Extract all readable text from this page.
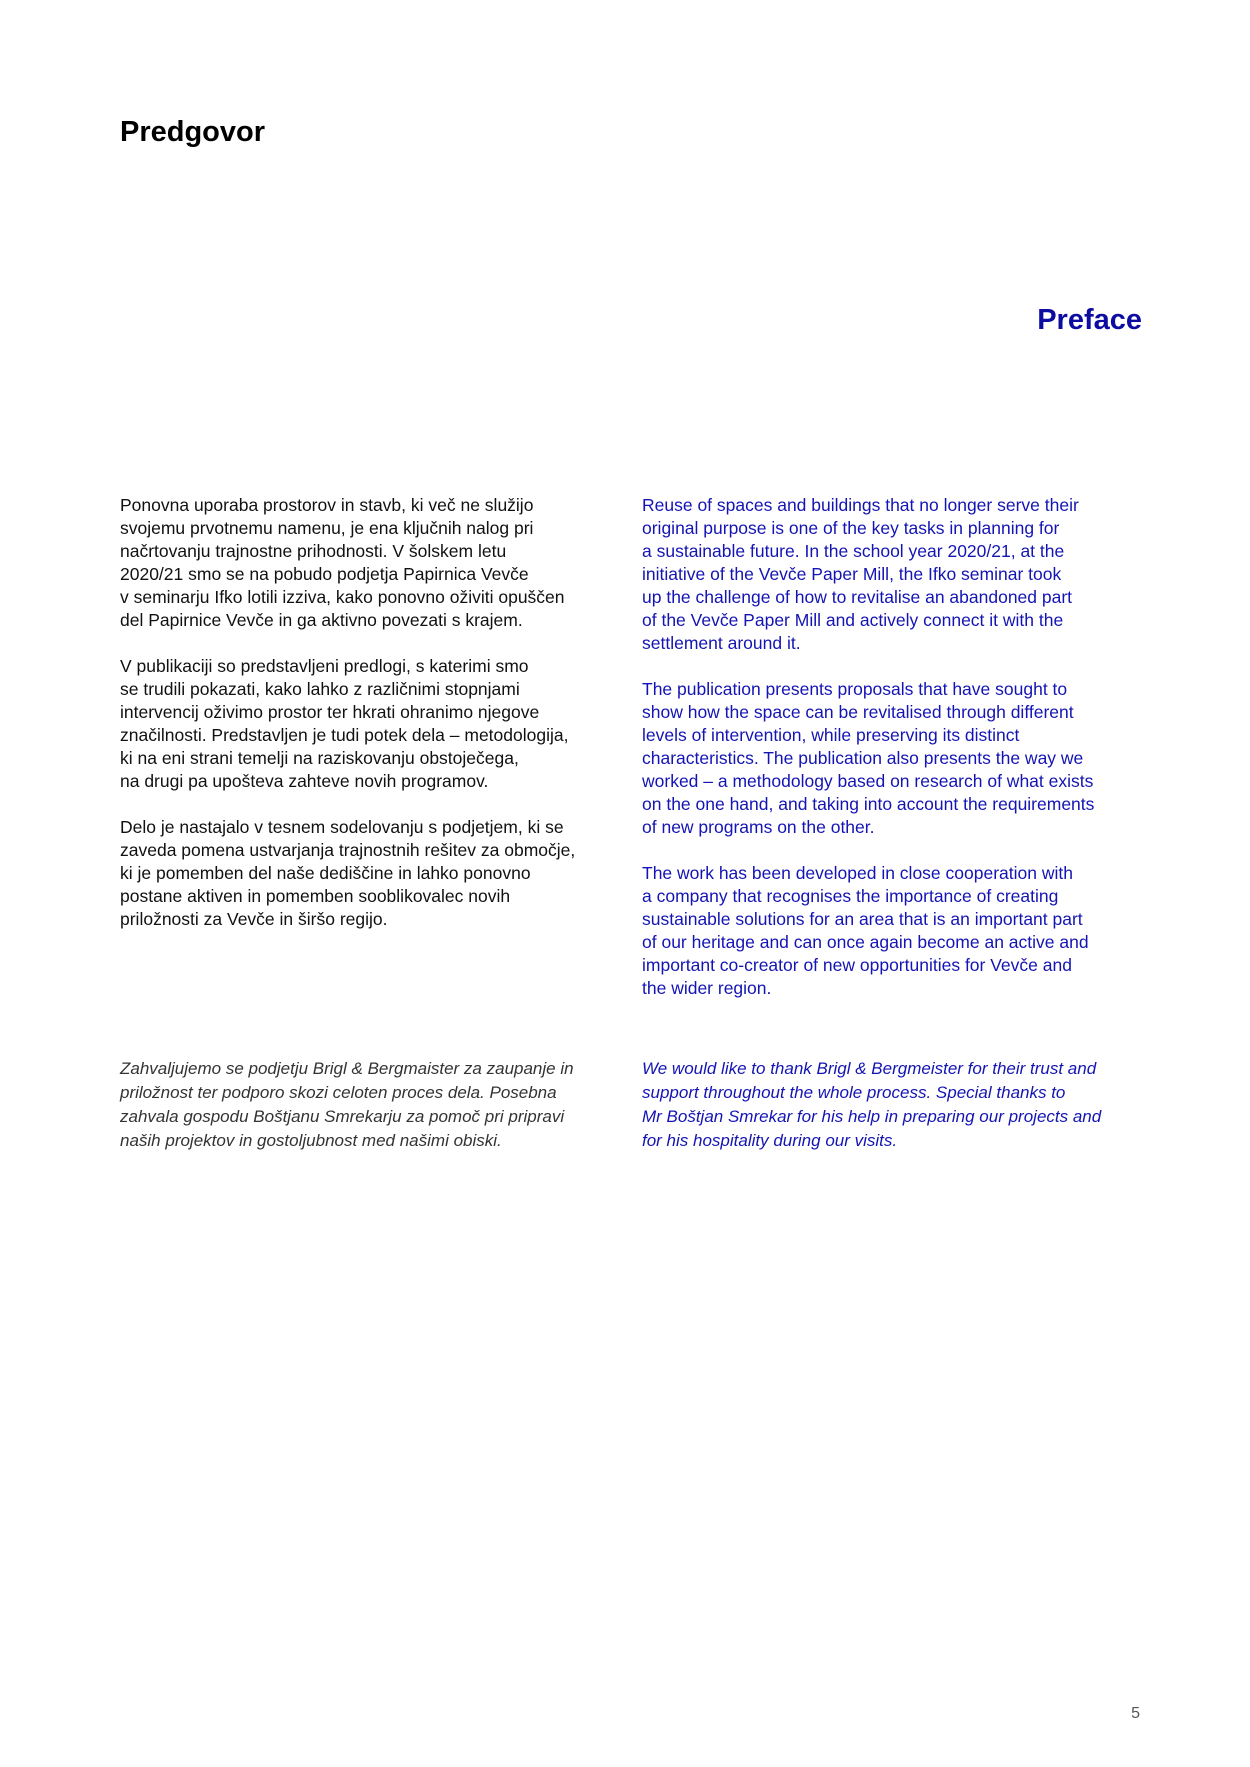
Predgovor
Preface

Ponovna uporaba prostorov in stavb, ki več ne služijo
svojemu prvotnemu namenu, je ena ključnih nalog pri
načrtovanju trajnostne prihodnosti. V šolskem letu
2020/21 smo se na pobudo podjetja Papirnica Vevče
v seminarju Ifko lotili izziva, kako ponovno oživiti opuščen
del Papirnice Vevče in ga aktivno povezati s krajem.

V publikaciji so predstavljeni predlogi, s katerimi smo
se trudili pokazati, kako lahko z različnimi stopnjami
intervencij oživimo prostor ter hkrati ohranimo njegove
značilnosti. Predstavljen je tudi potek dela – metodologija,
ki na eni strani temelji na raziskovanju obstoječega,
na drugi pa upošteva zahteve novih programov.

Delo je nastajalo v tesnem sodelovanju s podjetjem, ki se
zaveda pomena ustvarjanja trajnostnih rešitev za območje,
ki je pomemben del naše dediščine in lahko ponovno
postane aktiven in pomemben sooblikovalec novih
priložnosti za Vevče in širšo regijo.

Reuse of spaces and buildings that no longer serve their
original purpose is one of the key tasks in planning for
a sustainable future. In the school year 2020/21, at the
initiative of the Vevče Paper Mill, the Ifko seminar took
up the challenge of how to revitalise an abandoned part
of the Vevče Paper Mill and actively connect it with the
settlement around it.

The publication presents proposals that have sought to
show how the space can be revitalised through different
levels of intervention, while preserving its distinct
characteristics. The publication also presents the way we
worked – a methodology based on research of what exists
on the one hand, and taking into account the requirements
of new programs on the other.

The work has been developed in close cooperation with
a company that recognises the importance of creating
sustainable solutions for an area that is an important part
of our heritage and can once again become an active and
important co-creator of new opportunities for Vevče and
the wider region.

Zahvaljujemo se podjetju Brigl & Bergmaister za zaupanje in
priložnost ter podporo skozi celoten proces dela. Posebna
zahvala gospodu Boštjanu Smrekarju za pomoč pri pripravi
naših projektov in gostoljubnost med našimi obiski.

We would like to thank Brigl & Bergmeister for their trust and
support throughout the whole process. Special thanks to
Mr Boštjan Smrekar for his help in preparing our projects and
for his hospitality during our visits.

5
